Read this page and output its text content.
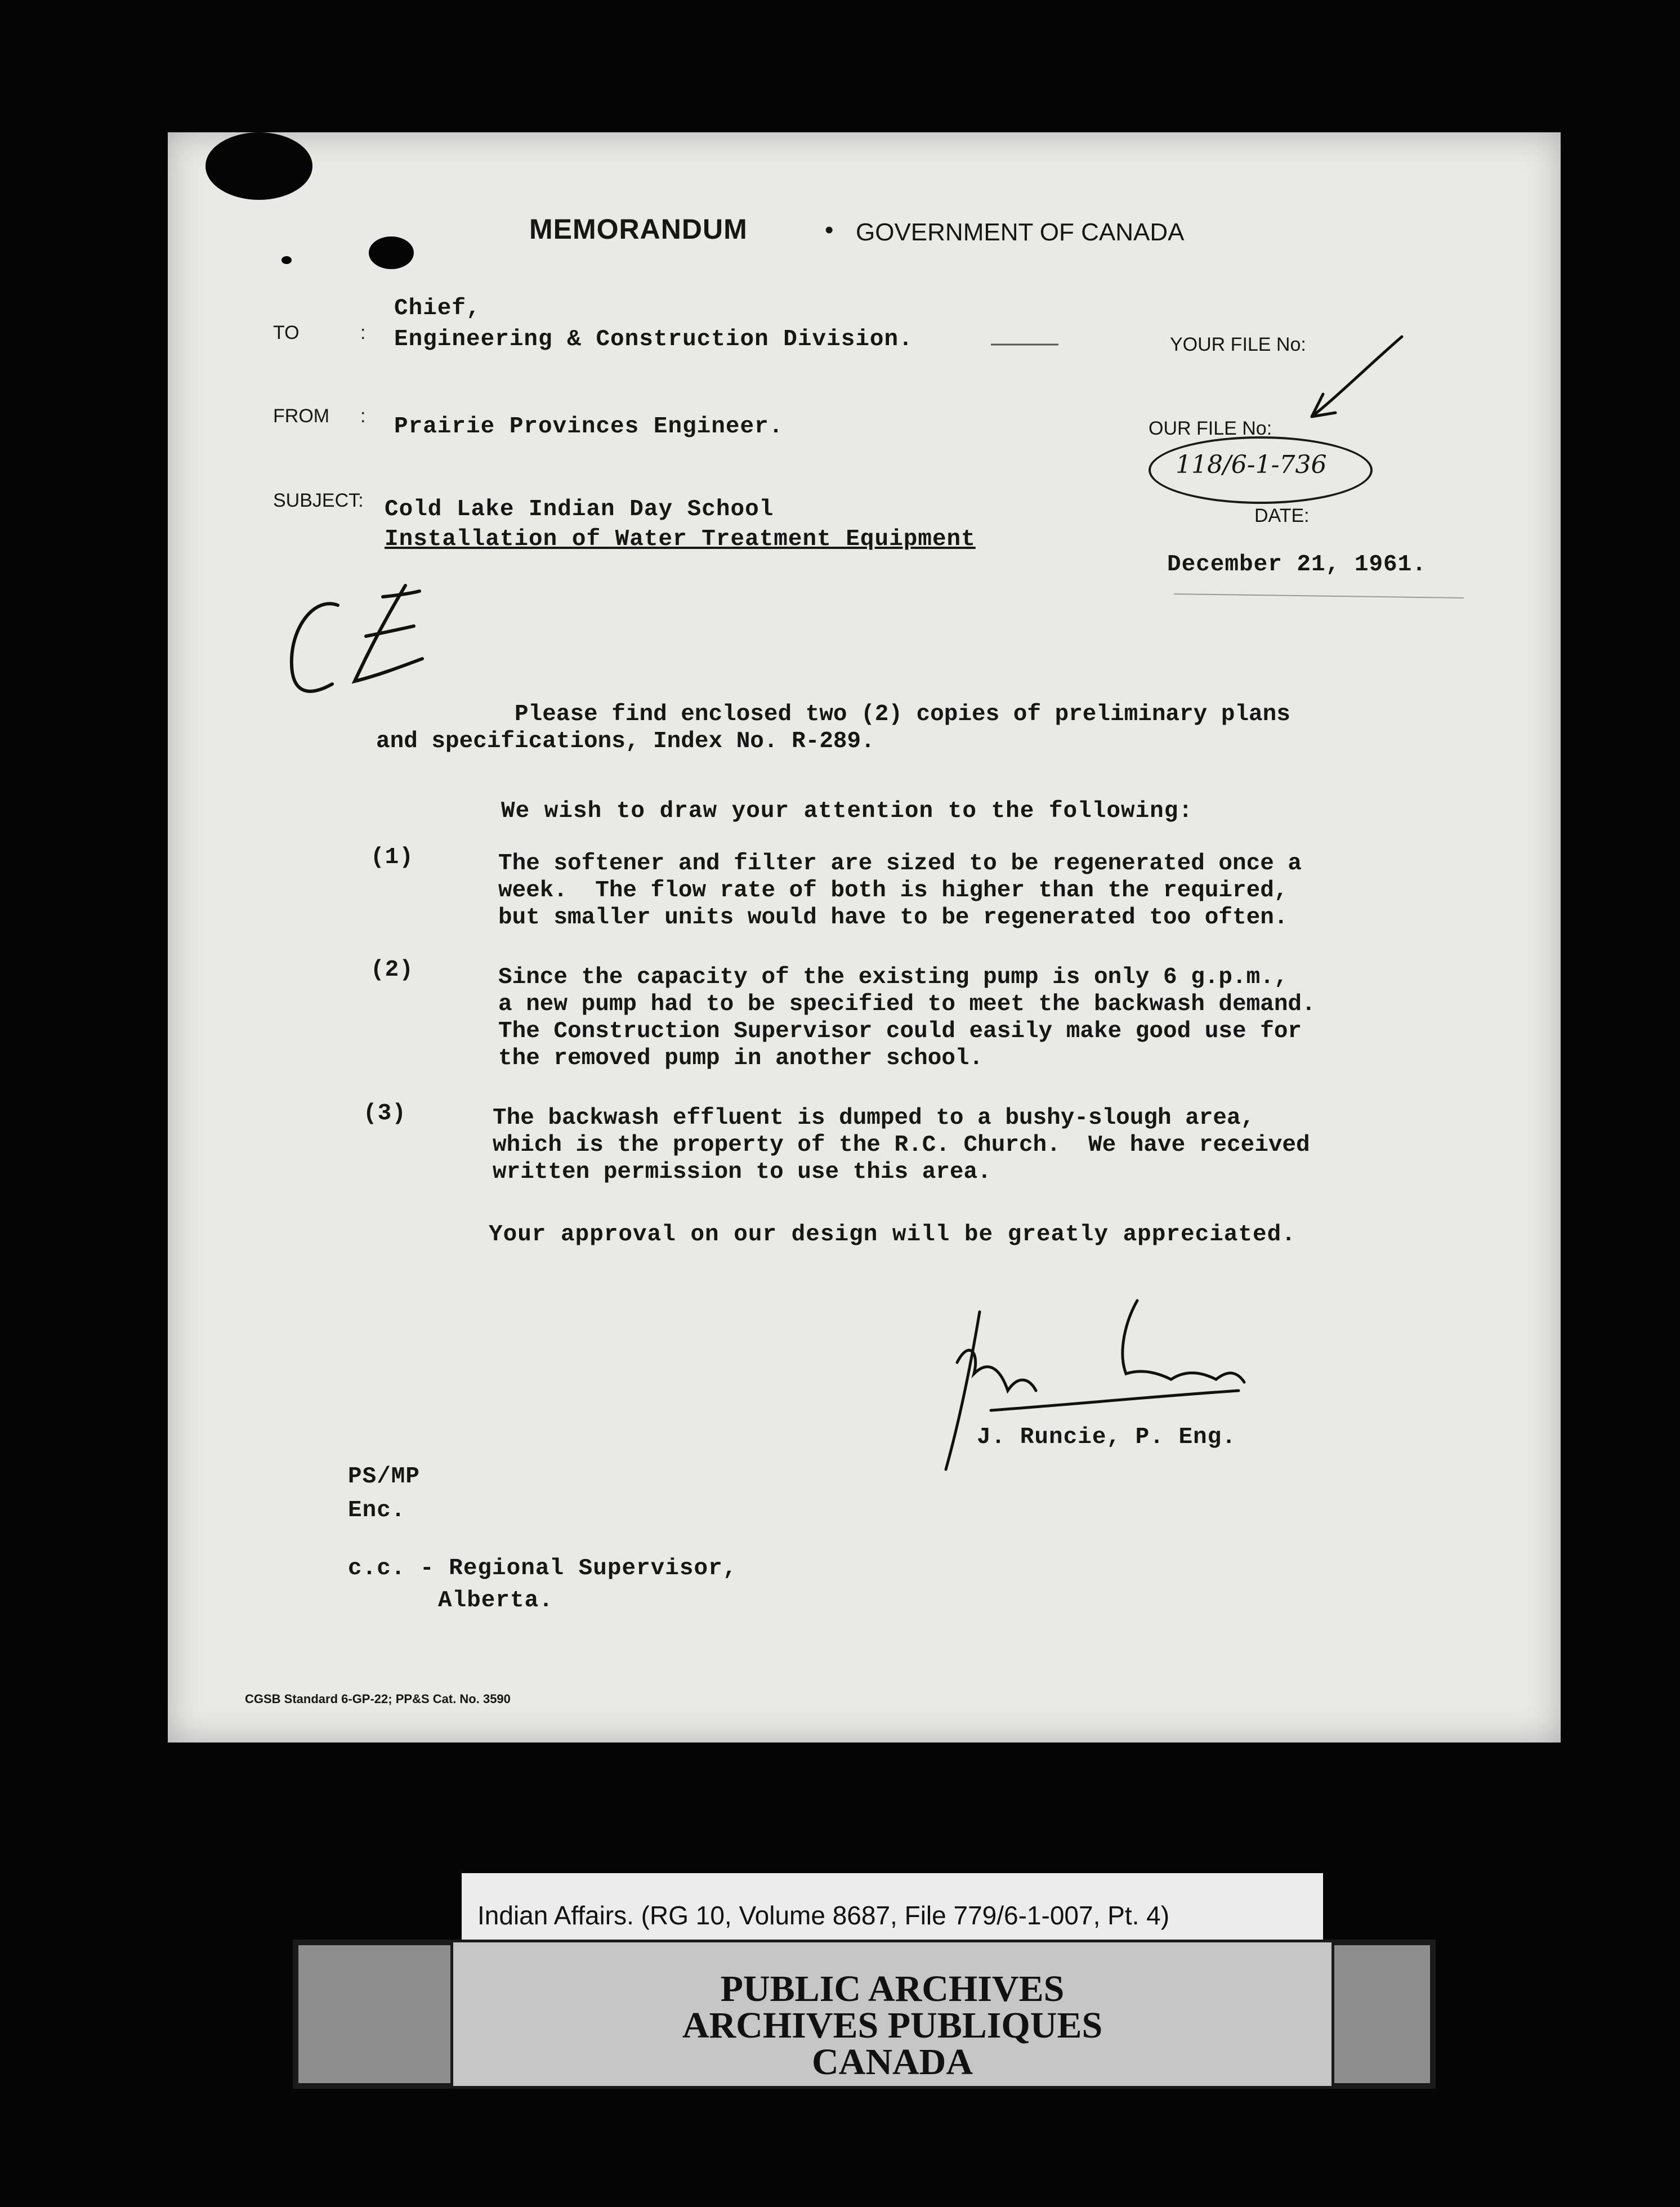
MEMORANDUM	• GOVERNMENT OF CANADA
Chief,
TO	: Engineering & Construction Division.	YOUR FILE No:
FROM : Prairie Provinces Engineer.	OUR FILE No:
118/6-1-736
SUBJECT: Cold Lake Indian Day School
Installation of Water Treatment Equipment
DATE:
December 21, 1961.
Please find enclosed two (2) copies of preliminary plans
and specifications, Index No. R-289.
We wish to draw your attention to the following:
(1)	The softener and filter are sized to be regenerated once a
week.  The flow rate of both is higher than the required,
but smaller units would have to be regenerated too often.
(2)	Since the capacity of the existing pump is only 6 g.p.m.,
a new pump had to be specified to meet the backwash demand.
The Construction Supervisor could easily make good use for
the removed pump in another school.
(3)	The backwash effluent is dumped to a bushy-slough area,
which is the property of the R.C. Church.  We have received
written permission to use this area.
Your approval on our design will be greatly appreciated.
J. Runcie, P. Eng.
PS/MP
Enc.
c.c. - Regional Supervisor,
Alberta.
CGSB Standard 6-GP-22; PP&S Cat. No. 3590
Indian Affairs. (RG 10, Volume 8687, File 779/6-1-007, Pt. 4)
PUBLIC ARCHIVES
ARCHIVES PUBLIQUES
CANADA
